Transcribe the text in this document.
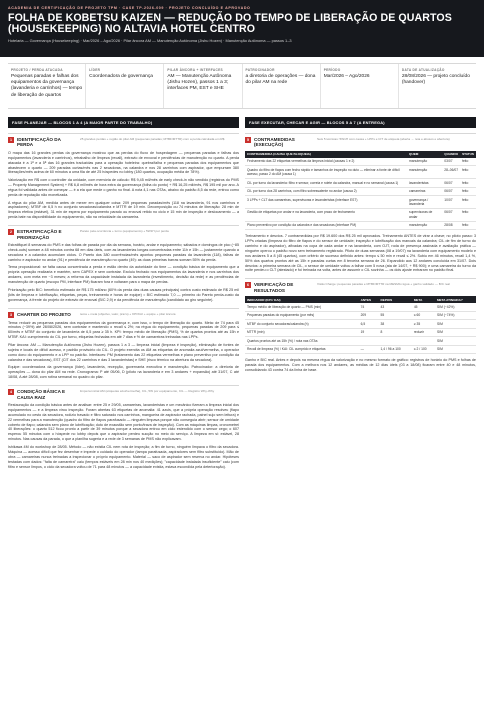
ACADEMIA DE CERTIFICAÇÃO DE PROJETO TPM · CASE TP-2026-009 · PROJETO CONCLUÍDO E APROVADO
FOLHA DE KOBETSU KAIZEN — REDUÇÃO DO TEMPO DE LIBERAÇÃO DE QUARTOS (HOUSEKEEPING) NO ALTAVIA HOTEL CENTRO
Hotelaria — Governança (Housekeeping) · Mar/2026 – Ago/2026 · Pilar âncora AM — Manutenção Autônoma (Jishu Hozen) · Manutenção Autônoma — passos 1–3
PROJETO / PERDA ATACADA
Pequenas paradas e falhas dos equipamentos da governança (lavanderia e carrinhos) — tempo de liberação de quartos
LÍDER
Coordenadora de governança
PILAR ÂNCORA + INTERFACES
AM — Manutenção Autônoma (Jishu Hozen), passos 1 a 3; interfaces PM, EST e SHE
PATROCINADOR
a diretoria de operações — dona do pilar AM na rede
PERÍODO
Mar/2026 – Ago/2026
DATA DE ATUALIZAÇÃO
28/08/2026 — projeto concluído (handover)
FASE PLANEJAR — BLOCOS 1 A 4 (A MAIOR PARTE DO TRABALHO)
1	IDENTIFICAÇÃO DA PERDA
25 grandes perdas + região do pilar AM (pequenas paradas; MTBF/MTTR) com a perda calculada em R$

O mapa das 16 grandes perdas da governança mostrou que as perdas do fluxo de hospedagem — pequenas paradas e falhas dos equipamentos (lavanderia e carrinhos), retrabalho de limpeza (recall), extravio de enxoval e pendências de manutenção no quarto. A perda atacada é a 1ª e a 5ª das 16 grandes traduzidas para a operação hoteleira: quebra/falha e pequenas paradas dos equipamentos que abastecem o quarto — 209 paradas curtas/mês nas 2 secadoras, na calandra e nos 28 carrinhos com aspirador, que empurram 380 liberações/mês acima de 60 minutos a uma fila de até 25 hóspedes no lobby (180 quartos, ocupação média de 78%).

Valorização em R$ com o controller da unidade, com memória de cálculo: R$ 9,45 mil/mês de early check-in não vendido (registros do PMS — Property Management System) + R$ 6,8 mil/mês de hora extra da governança (folha do ponto) + R$ 16,25 mil/mês, R$ 195 mil por ano. A régua foi validada antes de começar — é a ela que mede o ganho no final. A nota 4,1 nas OTAs, abaixo do padrão 8,5 da rede, entrou como perda de reputação não monetizada.

A régua do pilar AM, medida antes de mexer em qualquer coisa: 209 pequenas paradas/mês (118 na lavanderia, 91 nos carrinhos e aspiradores); MTBF de 6,5 h no conjunto secadoras/calandra e MTTR de 19 min. Decomposição ou 74 minutos de liberação: 28 min de limpeza efetiva (estável), 31 min de espera por equipamento parado ou enxoval retido no ciclo e 15 min de inspeção e deslocamento — a perda bate na disponibilidade do equipamento, não na velocidade da camareira.

2	ESTRATIFICAÇÃO E PRIORIZAÇÃO
Pareto pela ocorrência + turno (equipamento) + 5W1H por perda

Estratifiquei 8 semanas do PMS e das folhas de parada por dia da semana, horário, andar e equipamento; sábados e domingos de pico (~85 check-outs) somam a 48 minutos contra 68 em dias úteis, com as lavanderias longas concentradas entre 11h e 15h — justamente quando a secadora e a calandra acumulam ciclos. O Pareto dos 380 ocorrências/mês apontou pequenas paradas da lavanderia (118), falhas de carrinho e aspirador no andar (91) e pendência de manutenção no quarto (49): as duas primeiras barras somam 55% da perda.

Tema proposicional: se falta causa concentrada a perda e estão dentro da autoridade do time — condição básica de equipamento que a própria operação realizaria e mantém, sem CAPEX e sem contratar. Excluiu fechado nos equipamentos da lavanderia e nos carrinhos dos andares, com meta em ~3 meses; a reforma da capacidade instalada da lavanderia (investimento, decisão da rede) e as pendências de manutenção de quarto (escopo PM, interface PM) ficaram fora e voltaram para o mapa de perdas.

Priorização pelo B/C: benefício estimado de R$ 175 mil/ano (60% da perda das duas causas principais) contra custo estimado de R$ 25 mil (kits de limpeza e lubrificação, etiquetas, peças, treinamento e horas de equipe) = B/C estimado 7,0 — primeiro do Pareto perda-custo da governança, à frente do projeto de extravio de enxoval (B/C 2,9) e da pendência de manutenção (candidato ao giro seguinte).

3	CHARTER DO PROJETO	tema + meta (objetivo, valor, prazo) + KPI/KAI + equipe + pilar âncora

Tema: reduzir as pequenas paradas dos equipamentos da governança e, com isso, o tempo de liberação do quarto. Meta: de 74 para 45 minutos (−39%) até 28/08/2026, sem contratar e mantendo o recall ≤ 2%; na régua do equipamento, pequenas paradas de 209 para ≤ 60/mês e MTBF do conjunto de lavanderia de 6,5 para ≥ 35 h. KPI: tempo médio de liberação (PMS), % de quartos prontos até as 15h e MTBF. KAI: cumprimento do CIL por turno, etiquetas fechadas em até 7 dias e % de camareiras treinadas nas LPPs.

Pilar âncora: AM — Manutenção Autônoma (Jishu Hozen), passos 1 a 3 — limpeza inicial (limpeza é inspeção), eliminação de fontes de sujeira e locais de difícil acesso, e padrão provisório do CIL. O projeto exercita os AM as etiquetas de anomalia azul/vermelha, o operador como dono do equipamento e a LPP no padrão. Interfaces: PM (tratamento das 22 etiquetas vermelhas e plano preventivo por condição da calandra e das secadoras), EST (CIT dos 22 carrinhos e das 3 lavanderistas) e SHE (risco térmico na abertura da secadora).

Equipe: coordenadora da governança (líder), lavanderia, recepção, governanta executiva e manutenção. Patrocinador: a diretoria de operações — dona do pilar AM na rede. Cronograma: P até 05/06, D (piloto na lavanderia e em 3 andares + expansão) até 31/07, C até 18/08, A até 28/08, com rotina semanal no quadro do pilar.

4	CONDIÇÃO BÁSICA E CAUSA RAIZ
limpeza inicial AM (etiquetas azul/vermelha), CIL, 5W por equipamento, CIL — Registro Why-Why

Restauração da condição básica antes de analisar: entre 25 e 29/05, camareiras, lavanderistas e um mecânico fizeram a limpeza inicial dos equipamentos — e a limpeza virou inspeção. Foram abertas 63 etiquetas de anomalia: 41 azuis, que a própria operação resolveu (fiapo acumulado no cesto da secadora, rodízio travado e filtro saturado nos carrinhos, mangueira de aspirador rachada, painel sujo sem leitura) e 22 vermelhas para a manutenção (quadro do filtro de fiapos parafusado — ninguém limpava porque não conseguia abrir; sensor de umidade coberto de fiapo; calandra sem plano de lubrificação; duto de exaustão sem ponto/trava de inspeção). Com as máquinas limpas, cronometrei 40 liberações: o quarto 512 ficou pronto a partir de 39 minutos porque a secadora entrou em ciclo estendido com o sensor cego; o 607 esperou 55 minutos com o hóspede no lobby depois que o aspirador perdeu sucção no meio do serviço. A limpeza em si: estável, 28 minutos. Nas causas da parada, o que a planilha sugeria e a rede de 3 semanas de PMS não explicavam.

Ishikawa 4M do workshop de 28/05. Método — não existia CIL nem rota de inspeção; a fim de turno, ninguém limpava o filtro da secadora. Máquina — acesso difícil que fez desenhar e impede o cuidado do operador (tampa parafusada, aspiradores sem filtro substituído). Mão de obra — camareiras nunca treinadas a inspecionar o próprio equipamento. Material — saco de aspirador sem reserva no andar. Hipóteses testadas com dados: "falta de camareira" caiu (tempos estáveis em 28 min nos 40 medições); "capacidade instalada insuficiente" caiu (com filtro e sensor limpos, o ciclo da secadora voltou de 71 para 48 minutos — a capacidade existia, estava escondida pela deterioração).

FASE EXECUTAR, CHECAR E AGIR — BLOCOS 5 A 7 (A ENTREGA)
5	CONTRAMEDIDAS (EXECUÇÃO)
Seis 5 técnicas: 5W1H com causa + LPPs e CIT de etiqueta (aberta → reta e abusos e abertura)
CONTRAMEDIDA (CAUSA QUE BLOQUEIA)	QUEM	QUANDO	STATUS
Fechamento das 22 etiquetas vermelhas da limpeza inicial (causas 1 e 2)	manutenção	03/07	feito
Quadro do filtro de fiapos com fecho rápido e tamanhos de inspeção no duto — eliminar a fonte de difícil acesso, passo 2 do AM (causa 1)	manutenção	28–06/07	feito
CIL por turno da lavanderia: filtro e sensor, correia e rolete da calandra, manual e no semanal (causa 1)	lavanderistas	06/07	feito
CIL por turno dos 28 carrinhos, com filtro sobressalente no andar (causa 2)	camareiras	06/07	feito
3 LPPs + CLT das camareiras, supervisoras e lavanderistas (interface EST)	governança / lavanderia	10/07	feito
Gestão de etiquetas por andar e na lavanderia, com prazo de fechamento	supervisoras de andar	06/07	feito
Plano preventivo por condição da calandra e das secadoras (interface PM)	manutenção	28/08	feito

Treinamento e desvios. 7 contramedidas por R$ 19.600 dos R$ 25 mil aprovados. Treinamento ANTES de virar a chave; no piloto passo: 3 LPPs criadas (limpeza do filtro de fiapos e do sensor de umidade; inspeção e lubrificação dos mancais da calandra; CIL de fim de turno do carrinho e do aspirador), afixadas na copa de cada andar e na lavanderia, com OJT, roda de presença assinada e avaliação prática — ninguém operou o padrão novo sem treinamento registrado. Piloto de duas semanas (08 a 19/07) na lavanderia com equipamento modelo e nos andares 5 a 8 (45 quartos), com critério de sucesso definido antes: tempo ≤ 50 min e recall ≤ 2%. Subiu em 46 minutos, recall 1,4 %, 50% dos quartos prontos até as 15h e paradas curtas em 8 terceira semana de 26. Expandido aos 12 andares concluída em 31/07. Dois desvios: a primeira semana de CIL, o sensor de umidade voltou a falhar com 5 nova (ata de 14/07, + R$ 900); e uma camareira do turno da noite perdeu o CLT (atestado) e foi treinada na volta, antes de assumir o CIL sozinha — os dois ajuste entraram no padrão final.

6	VERIFICAÇÃO DE RESULTADOS
Visão Charge: pequenas paradas e MTBF/MTTR na MESMA régua + ganho validado — B/C real
INDICADOR (KPI / KAI)	ANTES	DEPOIS	META	META ATINGIDA?
Tempo médio de liberação de quarto — PMS (min)	74	43	45	SIM (−42%)
Pequenas paradas do equipamento (por mês)	209	55	≤ 60	SIM (−74%)
MTBF do conjunto secadoras/calandra (h)	6,5	38	≥ 35	SIM
MTTR (min)	19	8	reduzir	SIM
Quartos prontos até as 15h (%) / nota nas OTAs				SIM
Recall de limpeza (%) / KAI: CIL cumprido e etiquetas	—	1,4 / 96 a 100	≤ 2 / 100	SIM

Ganho e B/C real. Antes e depois na mesma régua da valorização e no mesmo formato de gráfico: registros de horário do PMS e folhas de parada dos equipamentos. Com a melhora nos 12 andares, as médias de 12 dias úteis (03 a 18/08) ficaram entre 40 e 48 minutos, consolidando 43 contra 74 da linha de base.
